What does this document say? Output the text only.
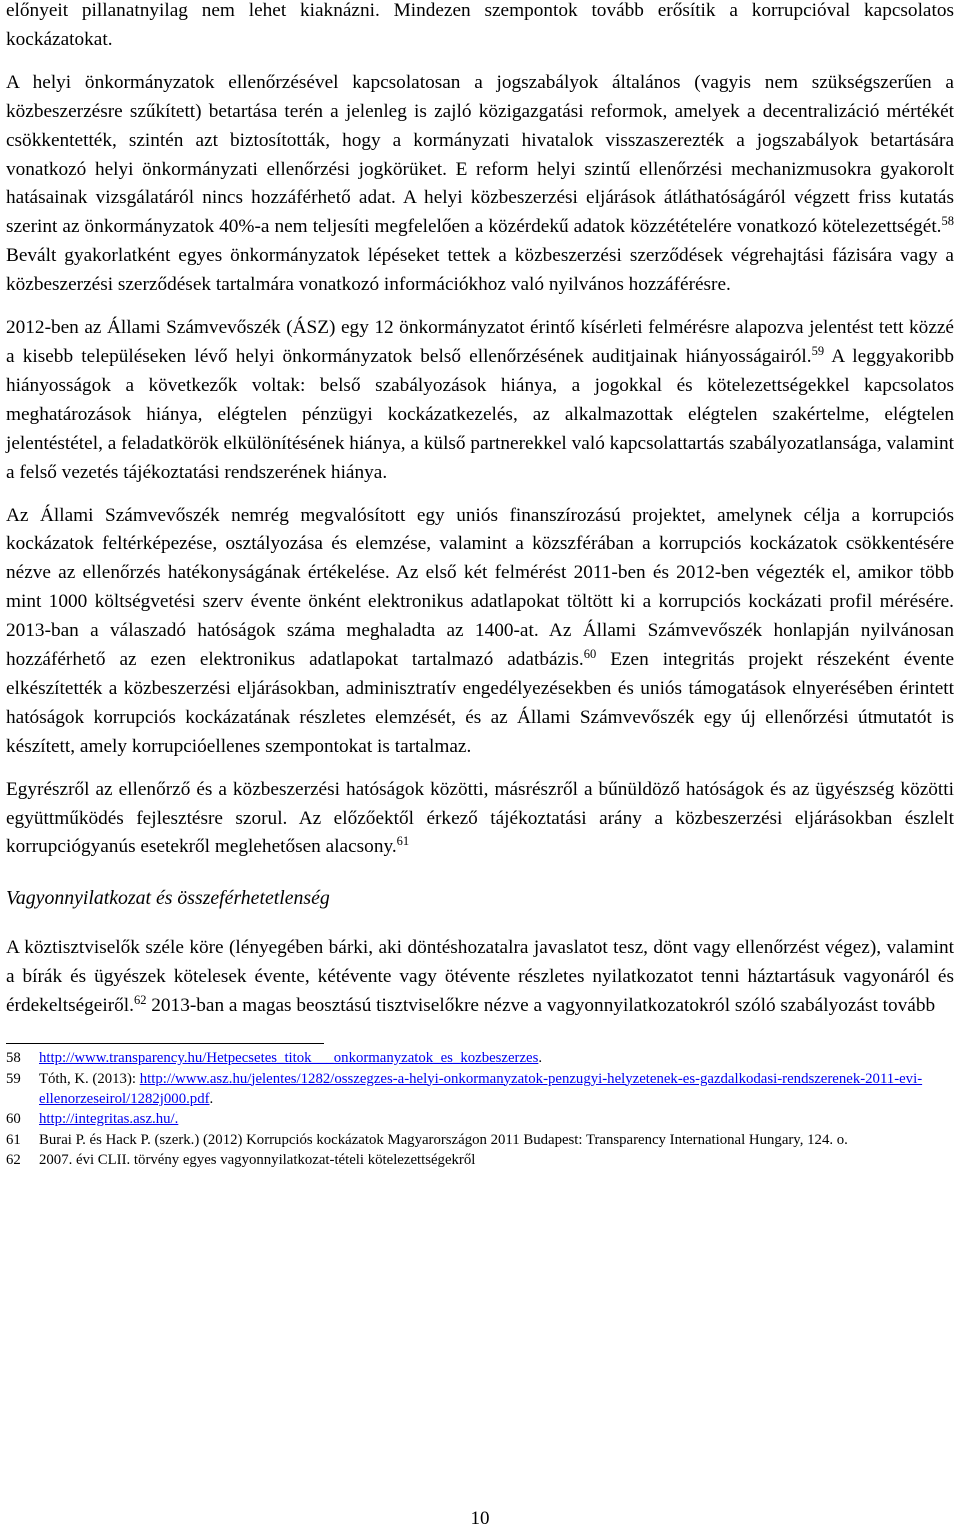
előnyeit pillanatnyilag nem lehet kiaknázni. Mindezen szempontok tovább erősítik a korrupcióval kapcsolatos kockázatokat.

A helyi önkormányzatok ellenőrzésével kapcsolatosan a jogszabályok általános (vagyis nem szükségszerűen a közbeszerzésre szűkített) betartása terén a jelenleg is zajló közigazgatási reformok, amelyek a decentralizáció mértékét csökkentették, szintén azt biztosították, hogy a kormányzati hivatalok visszaszerezték a jogszabályok betartására vonatkozó helyi önkormányzati ellenőrzési jogkörüket. E reform helyi szintű ellenőrzési mechanizmusokra gyakorolt hatásainak vizsgálatáról nincs hozzáférhető adat. A helyi közbeszerzési eljárások átláthatóságáról végzett friss kutatás szerint az önkormányzatok 40%-a nem teljesíti megfelelően a közérdekű adatok közzétételére vonatkozó kötelezettségét.$^{58}$ Bevált gyakorlatként egyes önkormányzatok lépéseket tettek a közbeszerzési szerződések végrehajtási fázisára vagy a közbeszerzési szerződések tartalmára vonatkozó információkhoz való nyilvános hozzáférésre.

2012-ben az Állami Számvevőszék (ÁSZ) egy 12 önkormányzatot érintő kísérleti felmérésre alapozva jelentést tett közzé a kisebb településeken lévő helyi önkormányzatok belső ellenőrzésének auditjainak hiányosságairól.$^{59}$ A leggyakoribb hiányosságok a következők voltak: belső szabályozások hiánya, a jogokkal és kötelezettségekkel kapcsolatos meghatározások hiánya, elégtelen pénzügyi kockázatkezelés, az alkalmazottak elégtelen szakértelme, elégtelen jelentéstétel, a feladatkörök elkülönítésének hiánya, a külső partnerekkel való kapcsolattartás szabályozatlansága, valamint a felső vezetés tájékoztatási rendszerének hiánya.

Az Állami Számvevőszék nemrég megvalósított egy uniós finanszírozású projektet, amelynek célja a korrupciós kockázatok feltérképezése, osztályozása és elemzése, valamint a közszférában a korrupciós kockázatok csökkentésére nézve az ellenőrzés hatékonyságának értékelése. Az első két felmérést 2011-ben és 2012-ben végezték el, amikor több mint 1000 költségvetési szerv évente önként elektronikus adatlapokat töltött ki a korrupciós kockázati profil mérésére. 2013-ban a válaszadó hatóságok száma meghaladta az 1400-at. Az Állami Számvevőszék honlapján nyilvánosan hozzáférhető az ezen elektronikus adatlapokat tartalmazó adatbázis.$^{60}$ Ezen integritás projekt részeként évente elkészítették a közbeszerzési eljárásokban, adminisztratív engedélyezésekben és uniós támogatások elnyerésében érintett hatóságok korrupciós kockázatának részletes elemzését, és az Állami Számvevőszék egy új ellenőrzési útmutatót is készített, amely korrupcióellenes szempontokat is tartalmaz.

Egyrészről az ellenőrző és a közbeszerzési hatóságok közötti, másrészről a bűnüldöző hatóságok és az ügyészség közötti együttműködés fejlesztésre szorul. Az előzőektől érkező tájékoztatási arány a közbeszerzési eljárásokban észlelt korrupciógyanús esetekről meglehetősen alacsony.$^{61}$

Vagyonnyilatkozat és összeférhetetlenség

A köztisztviselők széle köre (lényegében bárki, aki döntéshozatalra javaslatot tesz, dönt vagy ellenőrzést végez), valamint a bírák és ügyészek kötelesek évente, kétévente vagy ötévente részletes nyilatkozatot tenni háztartásuk vagyonáról és érdekeltségeiről.$^{62}$ 2013-ban a magas beosztású tisztviselőkre nézve a vagyonnyilatkozatokról szóló szabályozást tovább

58	http://www.transparency.hu/Hetpecsetes_titok___onkormanyzatok_es_kozbeszerzes.
59	Tóth, K. (2013): http://www.asz.hu/jelentes/1282/osszegzes-a-helyi-onkormanyzatok-penzugyi-helyzetenek-es-gazdalkodasi-rendszerenek-2011-evi-ellenorzeseirol/1282j000.pdf.
60	http://integritas.asz.hu/.
61	Burai P. és Hack P. (szerk.) (2012) Korrupciós kockázatok Magyarországon 2011 Budapest: Transparency International Hungary, 124. o.
62	2007. évi CLII. törvény egyes vagyonnyilatkozat-tételi kötelezettségekről
10
